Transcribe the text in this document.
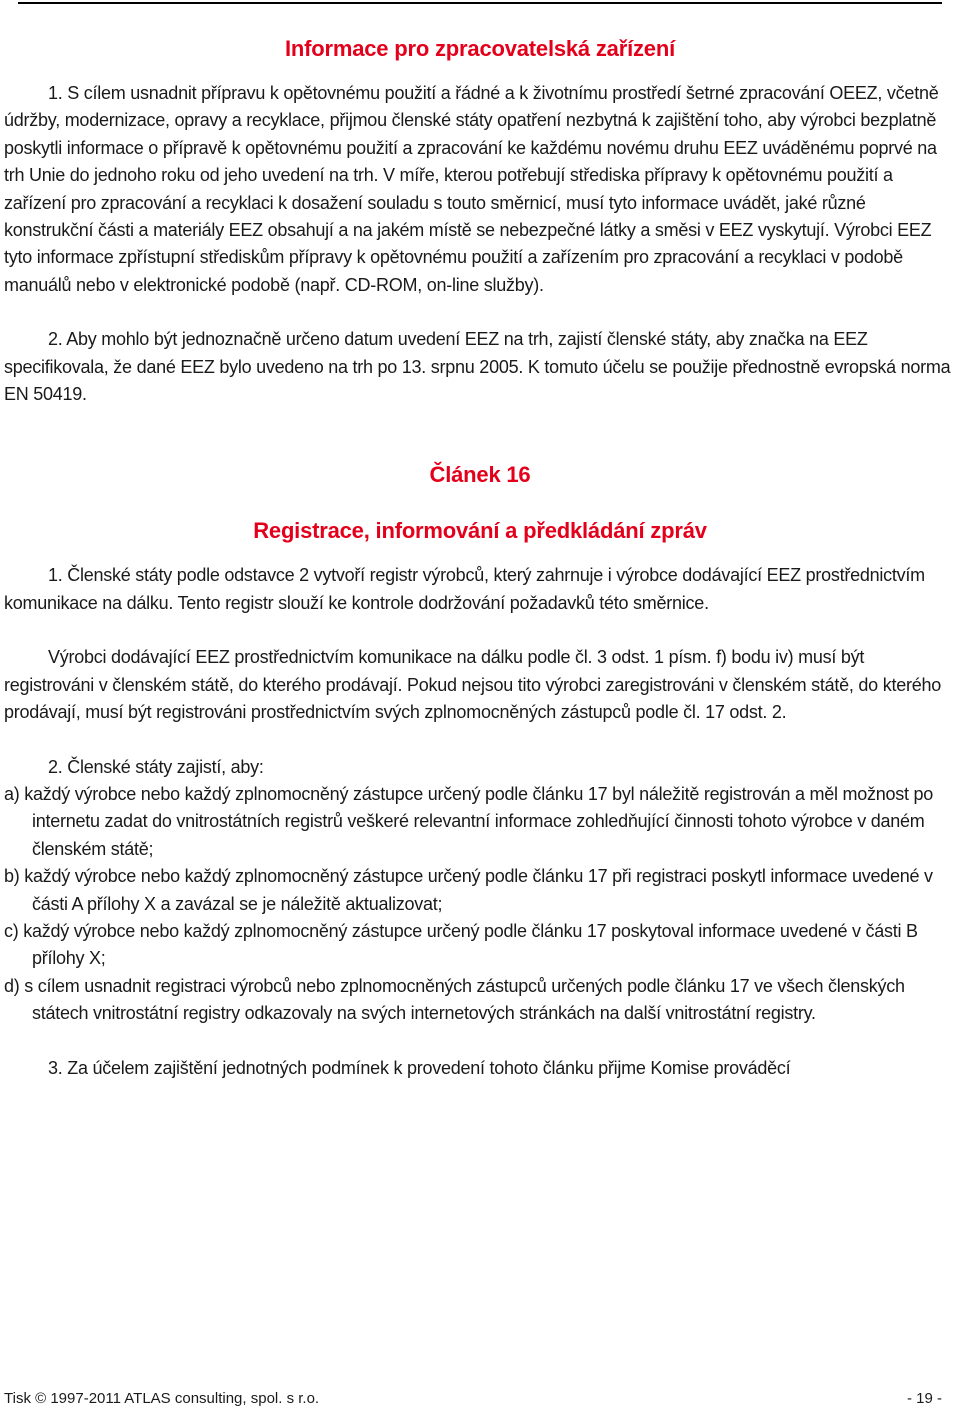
Informace pro zpracovatelská zařízení

1. S cílem usnadnit přípravu k opětovnému použití a řádné a k životnímu prostředí šetrné zpracování OEEZ, včetně údržby, modernizace, opravy a recyklace, přijmou členské státy opatření nezbytná k zajištění toho, aby výrobci bezplatně poskytli informace o přípravě k opětovnému použití a zpracování ke každému novému druhu EEZ uváděnému poprvé na trh Unie do jednoho roku od jeho uvedení na trh. V míře, kterou potřebují střediska přípravy k opětovnému použití a zařízení pro zpracování a recyklaci k dosažení souladu s touto směrnicí, musí tyto informace uvádět, jaké různé konstrukční části a materiály EEZ obsahují a na jakém místě se nebezpečné látky a směsi v EEZ vyskytují. Výrobci EEZ tyto informace zpřístupní střediskům přípravy k opětovnému použití a zařízením pro zpracování a recyklaci v podobě manuálů nebo v elektronické podobě (např. CD-ROM, on-line služby).

2. Aby mohlo být jednoznačně určeno datum uvedení EEZ na trh, zajistí členské státy, aby značka na EEZ specifikovala, že dané EEZ bylo uvedeno na trh po 13. srpnu 2005. K tomuto účelu se použije přednostně evropská norma EN 50419.

Článek 16
Registrace, informování a předkládání zpráv

1. Členské státy podle odstavce 2 vytvoří registr výrobců, který zahrnuje i výrobce dodávající EEZ prostřednictvím komunikace na dálku. Tento registr slouží ke kontrole dodržování požadavků této směrnice.

Výrobci dodávající EEZ prostřednictvím komunikace na dálku podle čl. 3 odst. 1 písm. f) bodu iv) musí být registrováni v členském státě, do kterého prodávají. Pokud nejsou tito výrobci zaregistrováni v členském státě, do kterého prodávají, musí být registrováni prostřednictvím svých zplnomocněných zástupců podle čl. 17 odst. 2.

2. Členské státy zajistí, aby:

a) každý výrobce nebo každý zplnomocněný zástupce určený podle článku 17 byl náležitě registrován a měl možnost po internetu zadat do vnitrostátních registrů veškeré relevantní informace zohledňující činnosti tohoto výrobce v daném členském státě;

b) každý výrobce nebo každý zplnomocněný zástupce určený podle článku 17 při registraci poskytl informace uvedené v části A přílohy X a zavázal se je náležitě aktualizovat;

c) každý výrobce nebo každý zplnomocněný zástupce určený podle článku 17 poskytoval informace uvedené v části B přílohy X;

d) s cílem usnadnit registraci výrobců nebo zplnomocněných zástupců určených podle článku 17 ve všech členských státech vnitrostátní registry odkazovaly na svých internetových stránkách na další vnitrostátní registry.

3. Za účelem zajištění jednotných podmínek k provedení tohoto článku přijme Komise prováděcí

Tisk © 1997-2011 ATLAS consulting, spol. s r.o.	- 19 -
